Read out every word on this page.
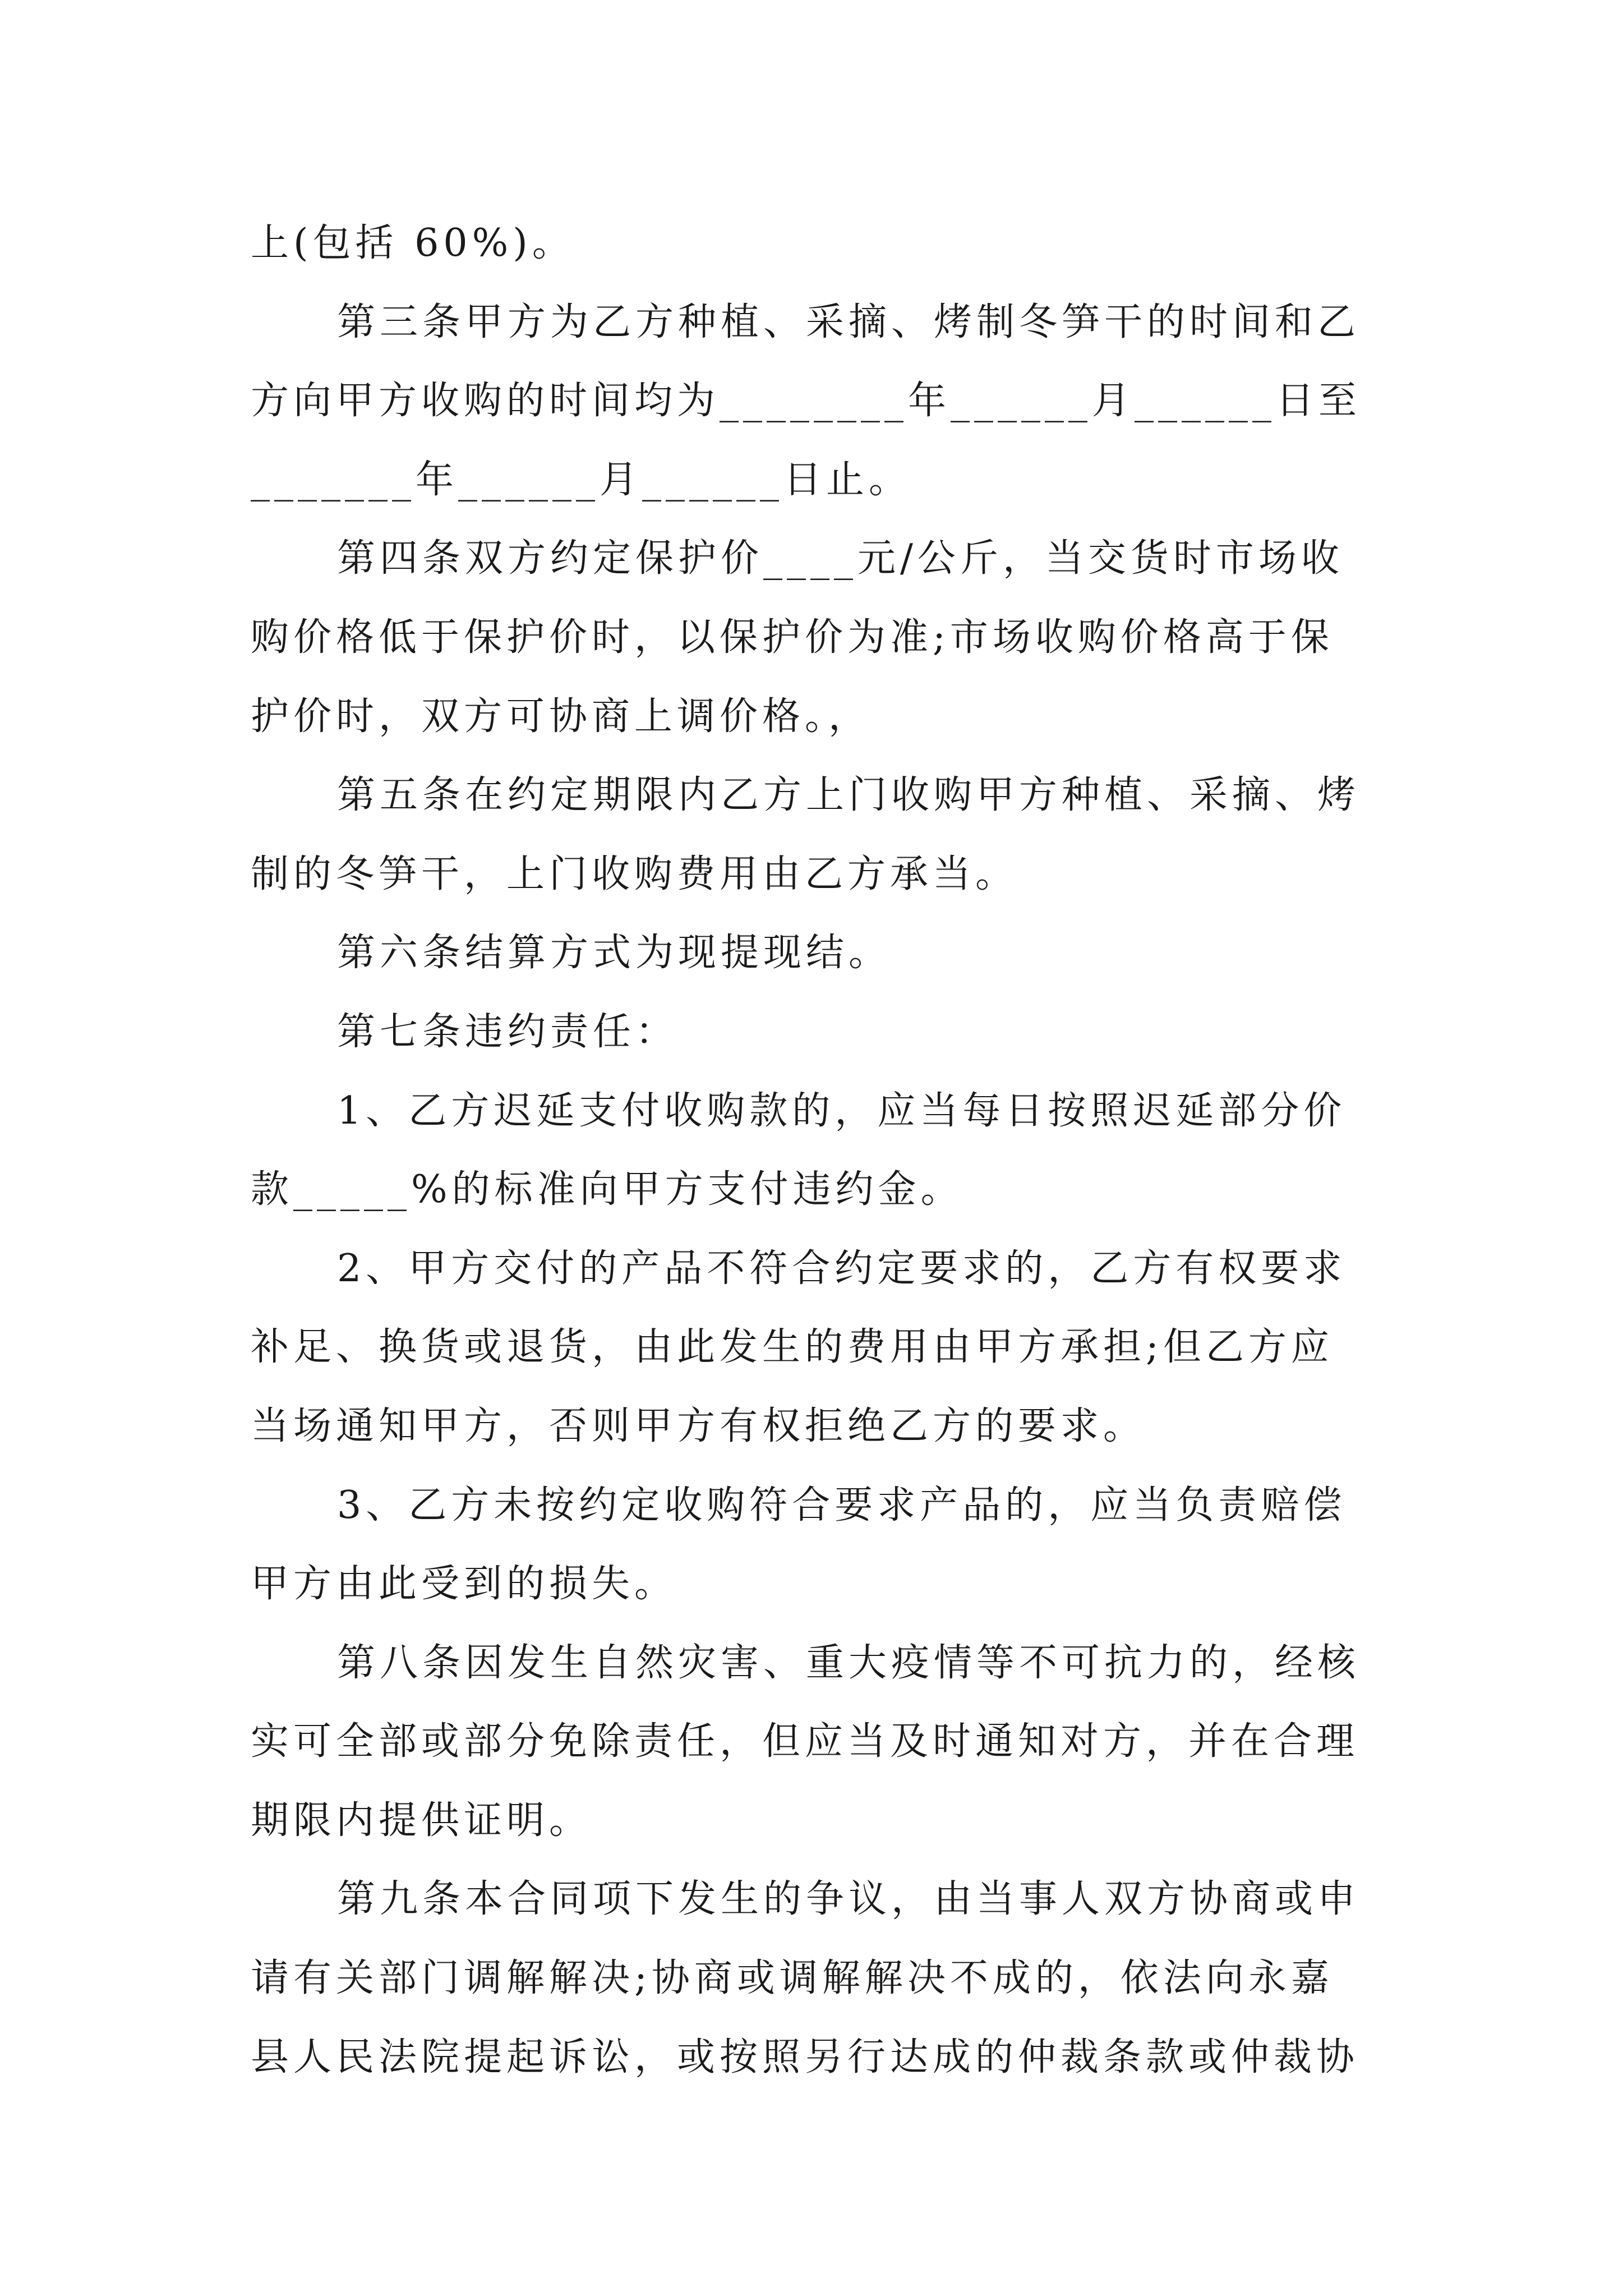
上(包括 60%)。
第三条甲方为乙方种植、采摘、烤制冬笋干的时间和乙
方向甲方收购的时间均为________年______月______日至
_______年______月______日止。
第四条双方约定保护价____元/公斤，当交货时市场收
购价格低于保护价时，以保护价为准;市场收购价格高于保
护价时，双方可协商上调价格。，
第五条在约定期限内乙方上门收购甲方种植、采摘、烤
制的冬笋干，上门收购费用由乙方承当。
第六条结算方式为现提现结。
第七条违约责任：
1、乙方迟延支付收购款的，应当每日按照迟延部分价
款_____%的标准向甲方支付违约金。
2、甲方交付的产品不符合约定要求的，乙方有权要求
补足、换货或退货，由此发生的费用由甲方承担;但乙方应
当场通知甲方，否则甲方有权拒绝乙方的要求。
3、乙方未按约定收购符合要求产品的，应当负责赔偿
甲方由此受到的损失。
第八条因发生自然灾害、重大疫情等不可抗力的，经核
实可全部或部分免除责任，但应当及时通知对方，并在合理
期限内提供证明。
第九条本合同项下发生的争议，由当事人双方协商或申
请有关部门调解解决;协商或调解解决不成的，依法向永嘉
县人民法院提起诉讼，或按照另行达成的仲裁条款或仲裁协
